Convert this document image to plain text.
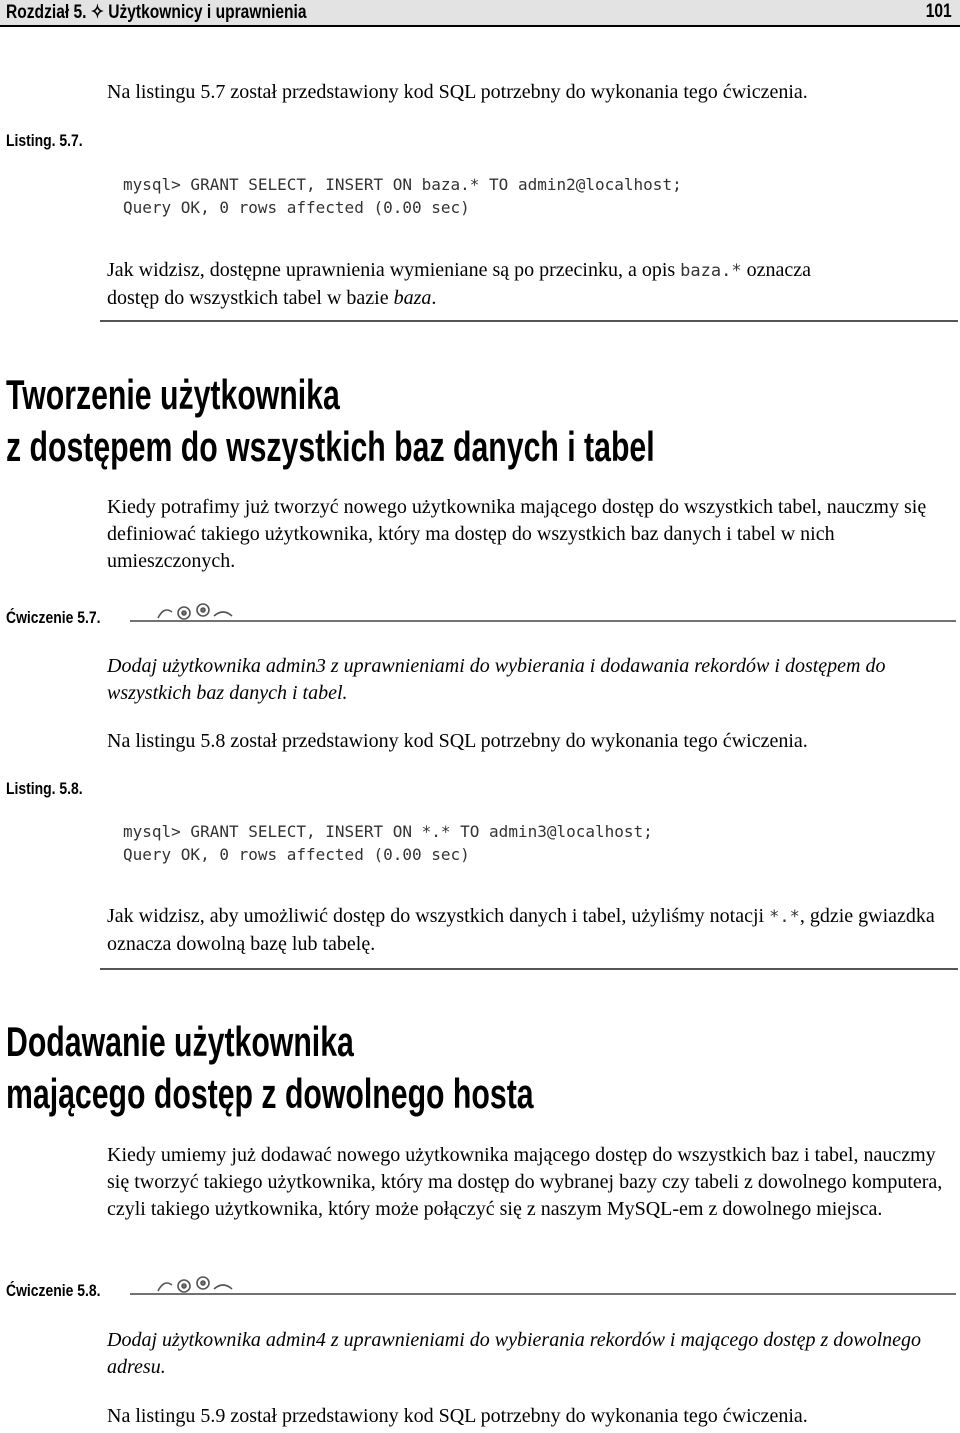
Rozdział 5. ✧ Użytkownicy i uprawnienia	101

Na listingu 5.7 został przedstawiony kod SQL potrzebny do wykonania tego ćwiczenia.

Listing. 5.7.
mysql> GRANT SELECT, INSERT ON baza.* TO admin2@localhost;
Query OK, 0 rows affected (0.00 sec)

Jak widzisz, dostępne uprawnienia wymieniane są po przecinku, a opis baza.* oznacza
dostęp do wszystkich tabel w bazie baza.

Tworzenie użytkownika
z dostępem do wszystkich baz danych i tabel

Kiedy potrafimy już tworzyć nowego użytkownika mającego dostęp do wszystkich tabel, nauczmy się definiować takiego użytkownika, który ma dostęp do wszystkich baz danych i tabel w nich umieszczonych.

Ćwiczenie 5.7.

Dodaj użytkownika admin3 z uprawnieniami do wybierania i dodawania rekordów i dostępem do wszystkich baz danych i tabel.

Na listingu 5.8 został przedstawiony kod SQL potrzebny do wykonania tego ćwiczenia.

Listing. 5.8.
mysql> GRANT SELECT, INSERT ON *.* TO admin3@localhost;
Query OK, 0 rows affected (0.00 sec)

Jak widzisz, aby umożliwić dostęp do wszystkich danych i tabel, użyliśmy notacji *.*, gdzie gwiazdka oznacza dowolną bazę lub tabelę.

Dodawanie użytkownika
mającego dostęp z dowolnego hosta

Kiedy umiemy już dodawać nowego użytkownika mającego dostęp do wszystkich baz i tabel, nauczmy się tworzyć takiego użytkownika, który ma dostęp do wybranej bazy czy tabeli z dowolnego komputera, czyli takiego użytkownika, który może połączyć się z naszym MySQL-em z dowolnego miejsca.

Ćwiczenie 5.8.

Dodaj użytkownika admin4 z uprawnieniami do wybierania rekordów i mającego dostęp z dowolnego adresu.

Na listingu 5.9 został przedstawiony kod SQL potrzebny do wykonania tego ćwiczenia.
